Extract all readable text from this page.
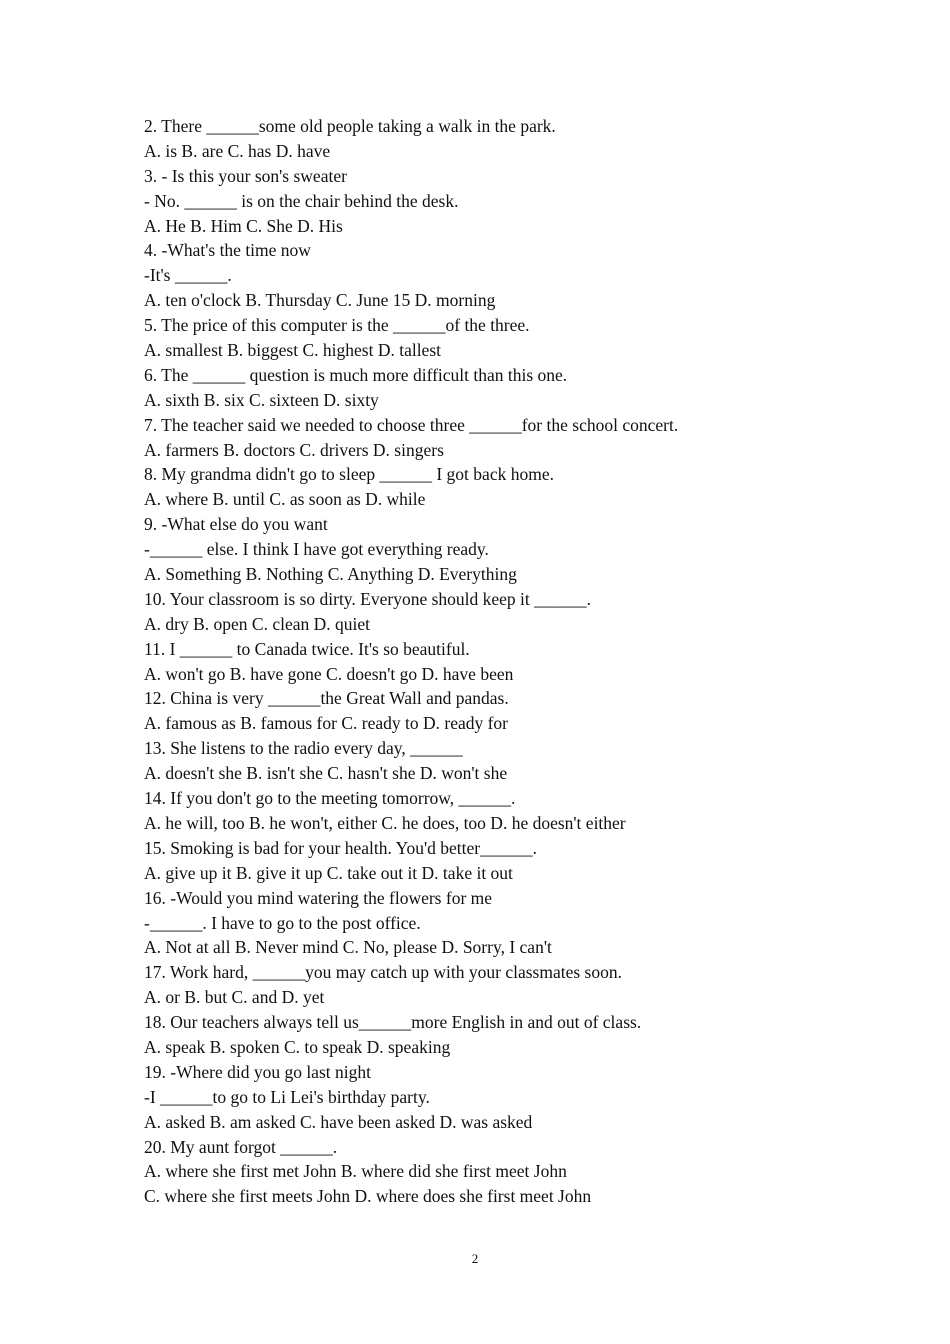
2. There ______some old people taking a walk in the park.
A. is B. are C. has D. have
3. - Is this your son's sweater
- No. ______ is on the chair behind the desk.
A. He B. Him C. She D. His
4. -What's the time now
-It's ______.
A. ten o'clock B. Thursday C. June 15 D. morning
5. The price of this computer is the ______of the three.
A. smallest B. biggest C. highest D. tallest
6. The ______ question is much more difficult than this one.
A. sixth B. six C. sixteen D. sixty
7. The teacher said we needed to choose three ______for the school concert.
A. farmers B. doctors C. drivers D. singers
8. My grandma didn't go to sleep ______ I got back home.
A. where B. until C. as soon as D. while
9. -What else do you want
-______ else. I think I have got everything ready.
A. Something B. Nothing C. Anything D. Everything
10. Your classroom is so dirty. Everyone should keep it ______.
A. dry B. open C. clean D. quiet
11. I ______ to Canada twice. It's so beautiful.
A. won't go B. have gone C. doesn't go D. have been
12. China is very ______the Great Wall and pandas.
A. famous as B. famous for C. ready to D. ready for
13. She listens to the radio every day, ______
A. doesn't she B. isn't she C. hasn't she D. won't she
14. If you don't go to the meeting tomorrow, ______.
A. he will, too B. he won't, either C. he does, too D. he doesn't either
15. Smoking is bad for your health. You'd better______.
A. give up it B. give it up C. take out it D. take it out
16. -Would you mind watering the flowers for me
-______. I have to go to the post office.
A. Not at all B. Never mind C. No, please D. Sorry, I can't
17. Work hard, ______you may catch up with your classmates soon.
A. or B. but C. and D. yet
18. Our teachers always tell us______more English in and out of class.
A. speak B. spoken C. to speak D. speaking
19. -Where did you go last night
-I ______to go to Li Lei's birthday party.
A. asked B. am asked C. have been asked D. was asked
20. My aunt forgot ______.
A. where she first met John B. where did she first meet John
C. where she first meets John D. where does she first meet John
2
